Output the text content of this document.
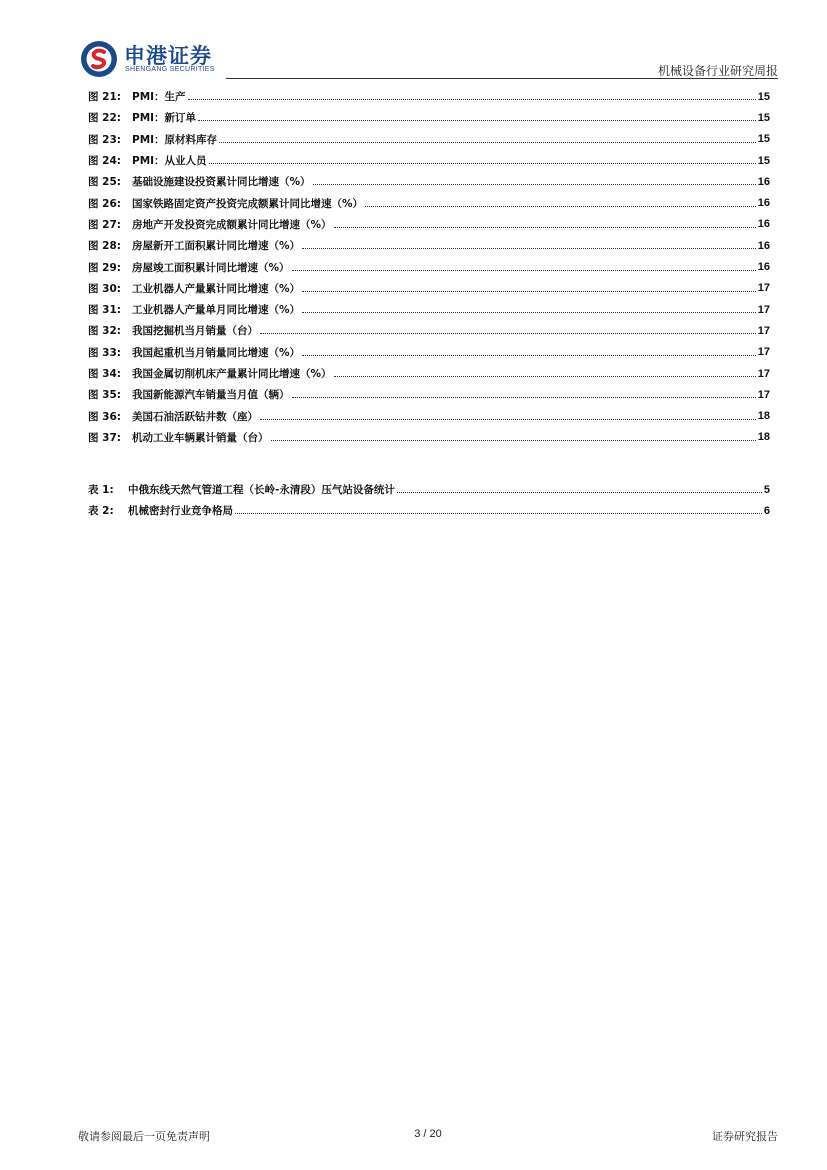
申港证券
SHENGANG SECURITIES	机械设备行业研究周报
图 21:	PMI：生产	15
图 22:	PMI：新订单	15
图 23:	PMI：原材料库存	15
图 24:	PMI：从业人员	15
图 25:	基础设施建设投资累计同比增速（%）	16
图 26:	国家铁路固定资产投资完成额累计同比增速（%）	16
图 27:	房地产开发投资完成额累计同比增速（%）	16
图 28:	房屋新开工面积累计同比增速（%）	16
图 29:	房屋竣工面积累计同比增速（%）	16
图 30:	工业机器人产量累计同比增速（%）	17
图 31:	工业机器人产量单月同比增速（%）	17
图 32:	我国挖掘机当月销量（台）	17
图 33:	我国起重机当月销量同比增速（%）	17
图 34:	我国金属切削机床产量累计同比增速（%）	17
图 35:	我国新能源汽车销量当月值（辆）	17
图 36:	美国石油活跃钻井数（座）	18
图 37:	机动工业车辆累计销量（台）	18
表 1:	中俄东线天然气管道工程（长岭-永清段）压气站设备统计	5
表 2:	机械密封行业竞争格局	6
敬请参阅最后一页免责声明	3 / 20	证券研究报告
